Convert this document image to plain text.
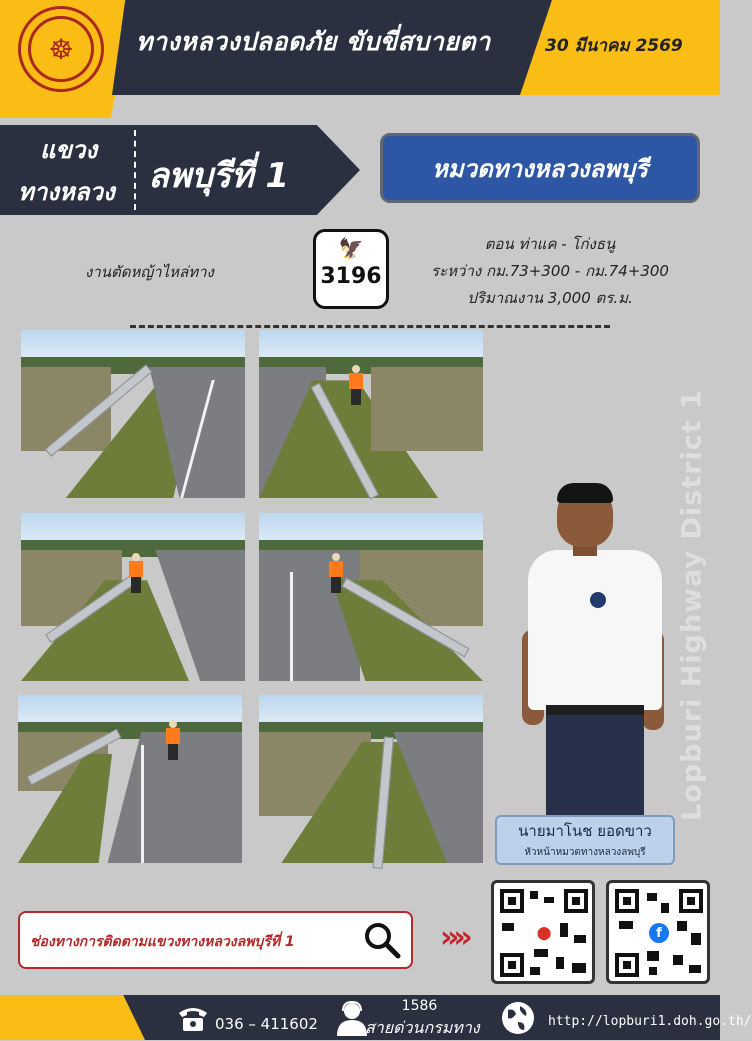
☸	ทางหลวงปลอดภัย ขับขี่สบายตา	30 มีนาคม 2569
แขวง
ทางหลวง ลพบุรีที่ 1	หมวดทางหลวงลพบุรี
งานตัดหญ้าไหล่ทาง
🦅
3196
ตอน ท่าแค - โก่งธนู
ระหว่าง กม.73+300 - กม.74+300
ปริมาณงาน 3,000 ตร.ม.
นายมาโนช ยอดขาว
หัวหน้าหมวดทางหลวงลพบุรี
Lopburi Highway District 1
ช่องทางการติดตามแขวงทางหลวงลพบุรีที่ 1	»»	⬤	f
036 – 411602
1586
สายด่วนกรมทาง	http://lopburi1.doh.go.th/
